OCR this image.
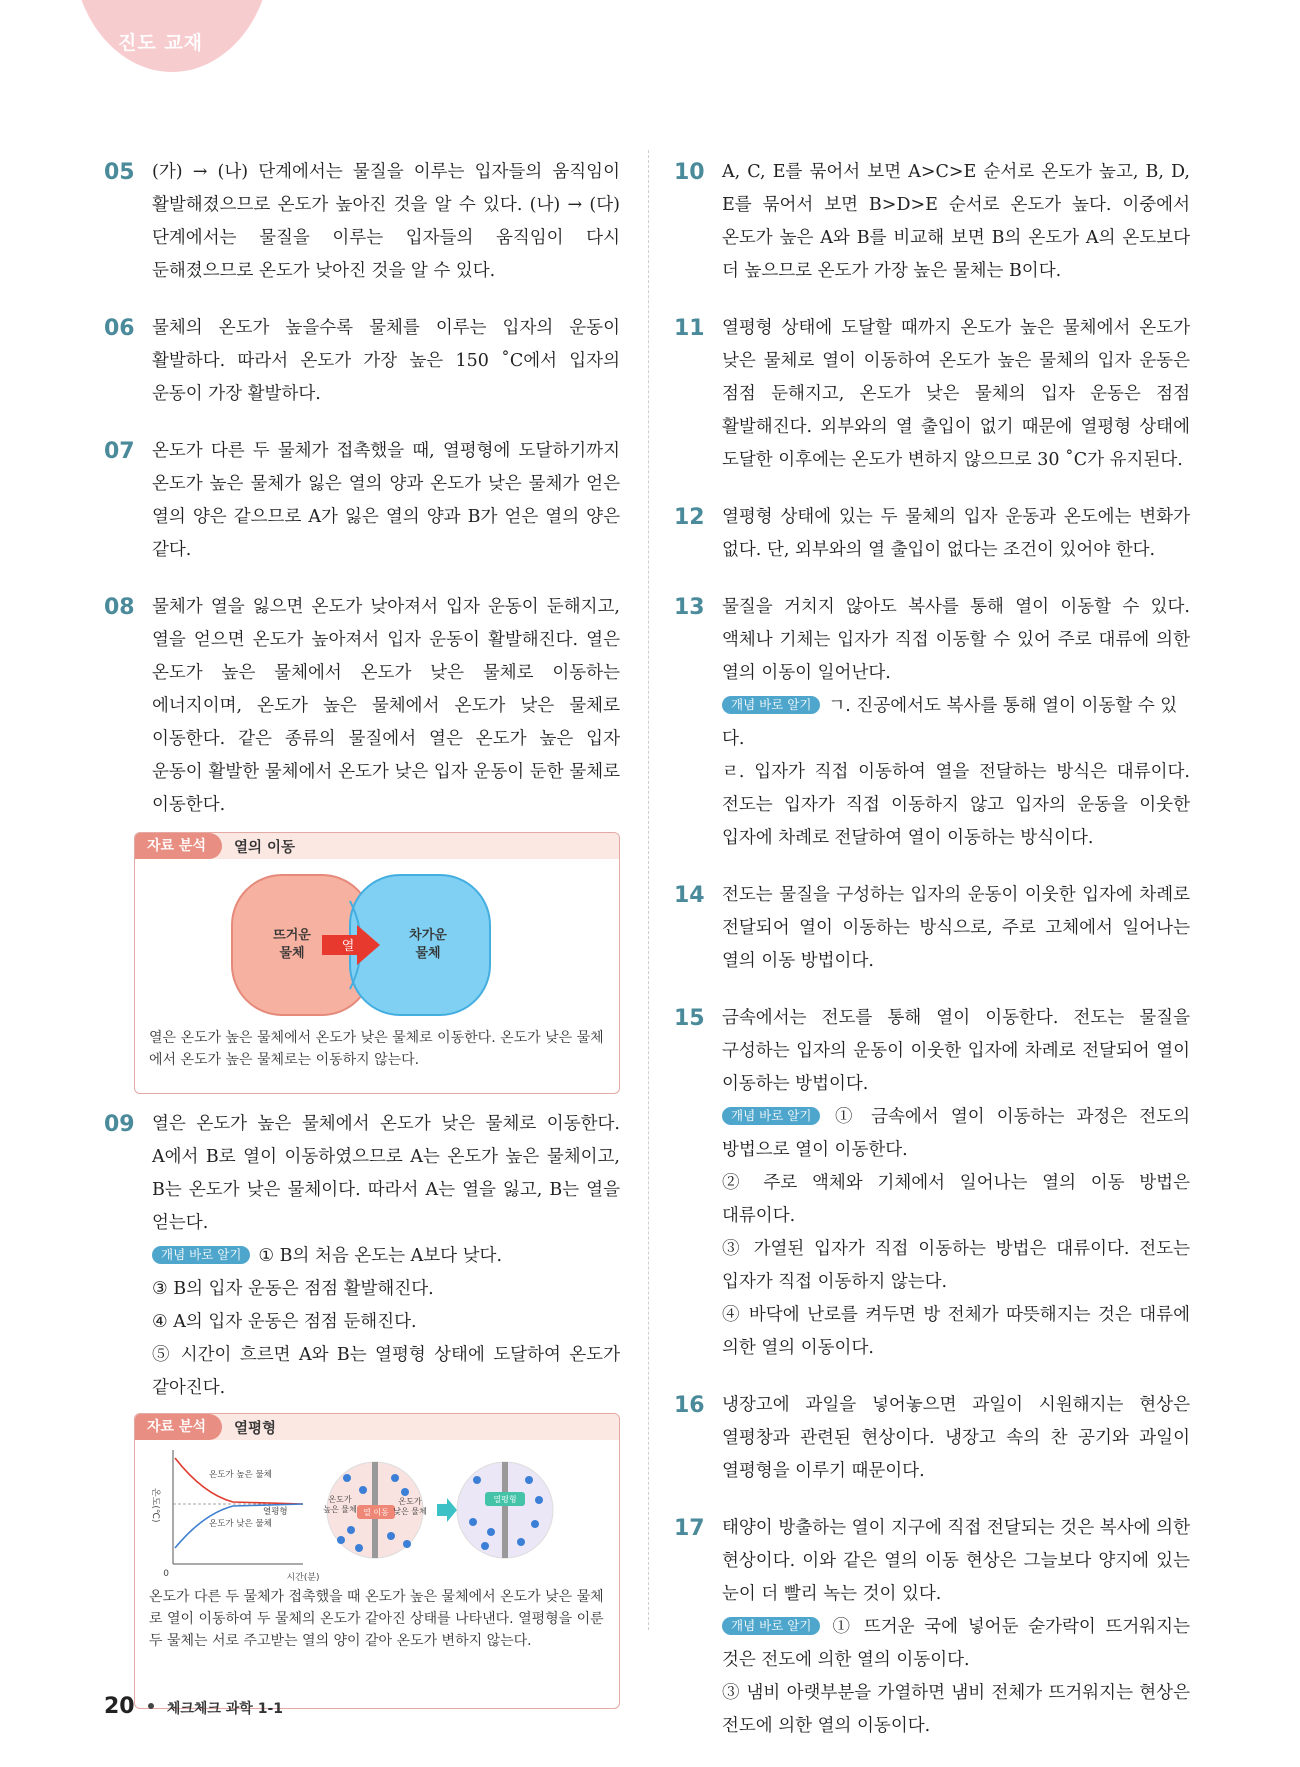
진도 교재
05 (가) → (나) 단계에서는 물질을 이루는 입자들의 움직임이 활발해졌으므로 온도가 높아진 것을 알 수 있다. (나) → (다) 단계에서는 물질을 이루는 입자들의 움직임이 다시 둔해졌으므로 온도가 낮아진 것을 알 수 있다.

06 물체의 온도가 높을수록 물체를 이루는 입자의 운동이 활발하다. 따라서 온도가 가장 높은 150 ˚C에서 입자의 운동이 가장 활발하다.

07 온도가 다른 두 물체가 접촉했을 때, 열평형에 도달하기까지 온도가 높은 물체가 잃은 열의 양과 온도가 낮은 물체가 얻은 열의 양은 같으므로 A가 잃은 열의 양과 B가 얻은 열의 양은 같다.

08 물체가 열을 잃으면 온도가 낮아져서 입자 운동이 둔해지고, 열을 얻으면 온도가 높아져서 입자 운동이 활발해진다. 열은 온도가 높은 물체에서 온도가 낮은 물체로 이동하는 에너지이며, 온도가 높은 물체에서 온도가 낮은 물체로 이동한다. 같은 종류의 물질에서 열은 온도가 높은 입자 운동이 활발한 물체에서 온도가 낮은 입자 운동이 둔한 물체로 이동한다.

자료 분석	열의 이동
뜨거운
물체	열
차가운
물체

열은 온도가 높은 물체에서 온도가 낮은 물체로 이동한다. 온도가 낮은 물체에서 온도가 높은 물체로는 이동하지 않는다.

09 열은 온도가 높은 물체에서 온도가 낮은 물체로 이동한다. A에서 B로 열이 이동하였으므로 A는 온도가 높은 물체이고, B는 온도가 낮은 물체이다. 따라서 A는 열을 잃고, B는 열을 얻는다.

개념 바로 알기 ① B의 처음 온도는 A보다 낮다.

③ B의 입자 운동은 점점 활발해진다.

④ A의 입자 운동은 점점 둔해진다.

⑤ 시간이 흐르면 A와 B는 열평형 상태에 도달하여 온도가 같아진다.

자료 분석	열평형
온도(℃)
0	시간(분)
온도가 높은 물체
온도가 낮은 물체
열평형	열 이동
온도가
높은 물체
온도가
낮은 물체
열평형

온도가 다른 두 물체가 접촉했을 때 온도가 높은 물체에서 온도가 낮은 물체로 열이 이동하여 두 물체의 온도가 같아진 상태를 나타낸다. 열평형을 이룬 두 물체는 서로 주고받는 열의 양이 같아 온도가 변하지 않는다.

10 A, C, E를 묶어서 보면 A>C>E 순서로 온도가 높고, B, D, E를 묶어서 보면 B>D>E 순서로 온도가 높다. 이중에서 온도가 높은 A와 B를 비교해 보면 B의 온도가 A의 온도보다 더 높으므로 온도가 가장 높은 물체는 B이다.

11 열평형 상태에 도달할 때까지 온도가 높은 물체에서 온도가 낮은 물체로 열이 이동하여 온도가 높은 물체의 입자 운동은 점점 둔해지고, 온도가 낮은 물체의 입자 운동은 점점 활발해진다. 외부와의 열 출입이 없기 때문에 열평형 상태에 도달한 이후에는 온도가 변하지 않으므로 30 ˚C가 유지된다.

12 열평형 상태에 있는 두 물체의 입자 운동과 온도에는 변화가 없다. 단, 외부와의 열 출입이 없다는 조건이 있어야 한다.

13 물질을 거치지 않아도 복사를 통해 열이 이동할 수 있다. 액체나 기체는 입자가 직접 이동할 수 있어 주로 대류에 의한 열의 이동이 일어난다.

개념 바로 알기 ㄱ. 진공에서도 복사를 통해 열이 이동할 수 있다.

ㄹ. 입자가 직접 이동하여 열을 전달하는 방식은 대류이다. 전도는 입자가 직접 이동하지 않고 입자의 운동을 이웃한 입자에 차례로 전달하여 열이 이동하는 방식이다.

14 전도는 물질을 구성하는 입자의 운동이 이웃한 입자에 차례로 전달되어 열이 이동하는 방식으로, 주로 고체에서 일어나는 열의 이동 방법이다.

15 금속에서는 전도를 통해 열이 이동한다. 전도는 물질을 구성하는 입자의 운동이 이웃한 입자에 차례로 전달되어 열이 이동하는 방법이다.

개념 바로 알기 ① 금속에서 열이 이동하는 과정은 전도의 방법으로 열이 이동한다.

② 주로 액체와 기체에서 일어나는 열의 이동 방법은 대류이다.

③ 가열된 입자가 직접 이동하는 방법은 대류이다. 전도는 입자가 직접 이동하지 않는다.

④ 바닥에 난로를 켜두면 방 전체가 따뜻해지는 것은 대류에 의한 열의 이동이다.

16 냉장고에 과일을 넣어놓으면 과일이 시원해지는 현상은 열평창과 관련된 현상이다. 냉장고 속의 찬 공기와 과일이 열평형을 이루기 때문이다.

17 태양이 방출하는 열이 지구에 직접 전달되는 것은 복사에 의한 현상이다. 이와 같은 열의 이동 현상은 그늘보다 양지에 있는 눈이 더 빨리 녹는 것이 있다.

개념 바로 알기 ① 뜨거운 국에 넣어둔 숟가락이 뜨거워지는 것은 전도에 의한 열의 이동이다.

③ 냄비 아랫부분을 가열하면 냄비 전체가 뜨거워지는 현상은 전도에 의한 열의 이동이다.

20 체크체크 과학 1-1
